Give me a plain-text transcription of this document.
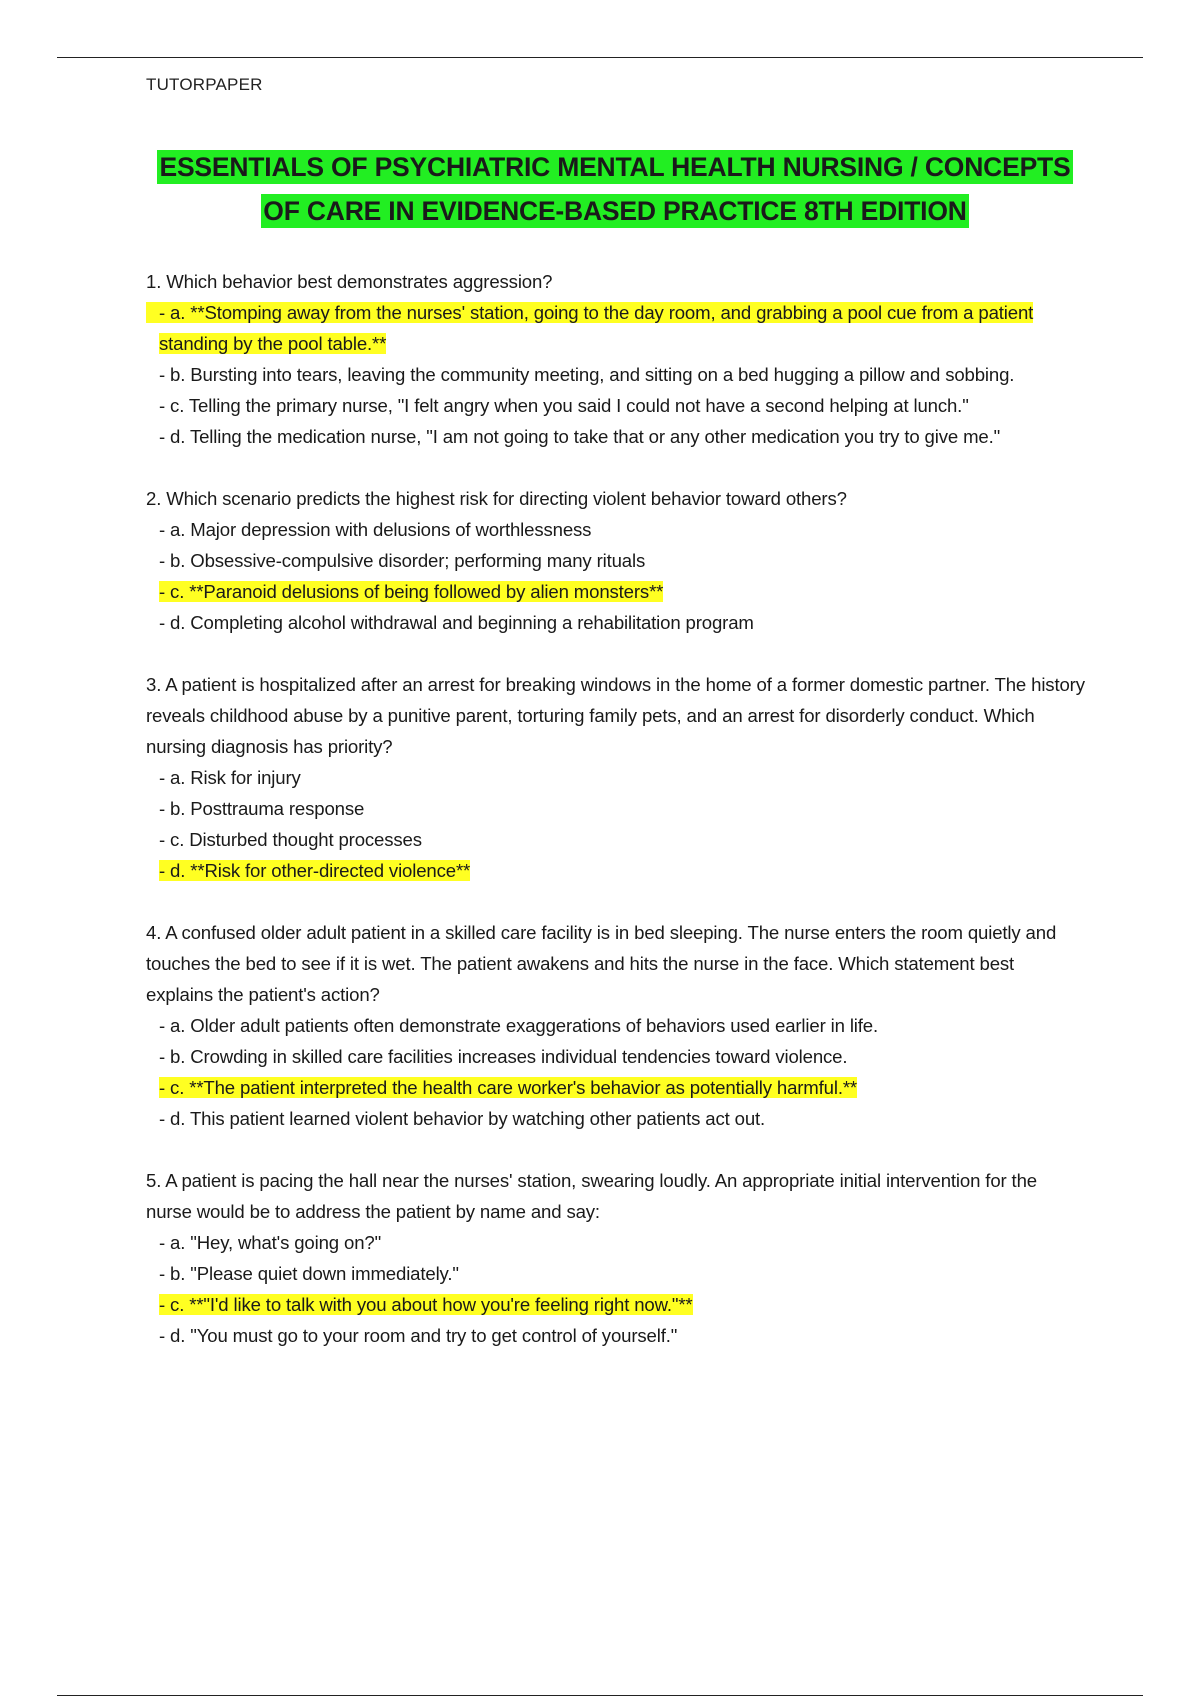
TUTORPAPER
ESSENTIALS OF PSYCHIATRIC MENTAL HEALTH NURSING / CONCEPTS
OF CARE IN EVIDENCE-BASED PRACTICE 8TH EDITION

1. Which behavior best demonstrates aggression?

- a. **Stomping away from the nurses' station, going to the day room, and grabbing a pool cue from a patient standing by the pool table.**

- b. Bursting into tears, leaving the community meeting, and sitting on a bed hugging a pillow and sobbing.

- c. Telling the primary nurse, "I felt angry when you said I could not have a second helping at lunch."

- d. Telling the medication nurse, "I am not going to take that or any other medication you try to give me."

2. Which scenario predicts the highest risk for directing violent behavior toward others?

- a. Major depression with delusions of worthlessness

- b. Obsessive-compulsive disorder; performing many rituals

- c. **Paranoid delusions of being followed by alien monsters**

- d. Completing alcohol withdrawal and beginning a rehabilitation program

3. A patient is hospitalized after an arrest for breaking windows in the home of a former domestic partner. The history reveals childhood abuse by a punitive parent, torturing family pets, and an arrest for disorderly conduct. Which nursing diagnosis has priority?

- a. Risk for injury

- b. Posttrauma response

- c. Disturbed thought processes

- d. **Risk for other-directed violence**

4. A confused older adult patient in a skilled care facility is in bed sleeping. The nurse enters the room quietly and touches the bed to see if it is wet. The patient awakens and hits the nurse in the face. Which statement best explains the patient's action?

- a. Older adult patients often demonstrate exaggerations of behaviors used earlier in life.

- b. Crowding in skilled care facilities increases individual tendencies toward violence.

- c. **The patient interpreted the health care worker's behavior as potentially harmful.**

- d. This patient learned violent behavior by watching other patients act out.

5. A patient is pacing the hall near the nurses' station, swearing loudly. An appropriate initial intervention for the nurse would be to address the patient by name and say:

- a. "Hey, what's going on?"

- b. "Please quiet down immediately."

- c. **"I'd like to talk with you about how you're feeling right now."**

- d. "You must go to your room and try to get control of yourself."
